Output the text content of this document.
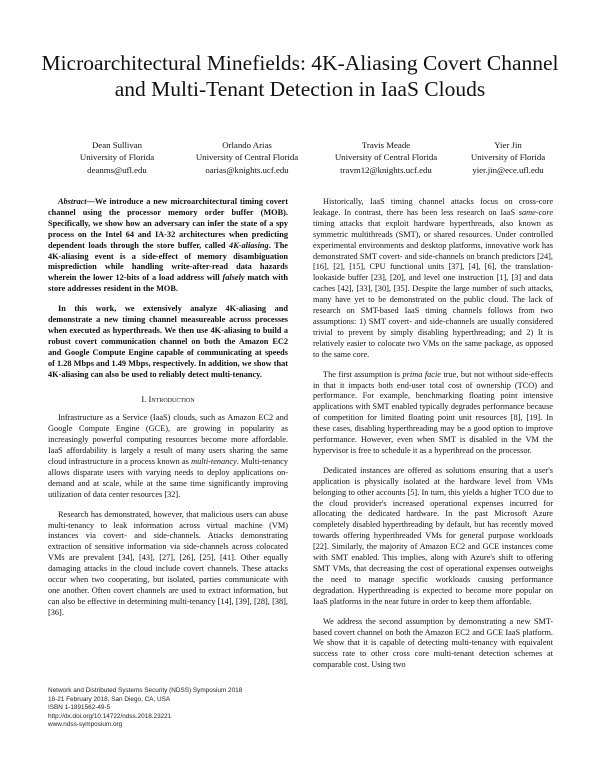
Microarchitectural Minefields: 4K-Aliasing Covert Channel and Multi-Tenant Detection in IaaS Clouds
Dean Sullivan
University of Florida
deanms@ufl.edu
Orlando Arias
University of Central Florida
oarias@knights.ucf.edu
Travis Meade
University of Central Florida
travm12@knights.ucf.edu
Yier Jin
University of Florida
yier.jin@ece.ufl.edu

Abstract—We introduce a new microarchitectural timing covert channel using the processor memory order buffer (MOB). Specifically, we show how an adversary can infer the state of a spy process on the Intel 64 and IA-32 architectures when predicting dependent loads through the store buffer, called 4K-aliasing. The 4K-aliasing event is a side-effect of memory disambiguation misprediction while handling write-after-read data hazards wherein the lower 12-bits of a load address will falsely match with store addresses resident in the MOB.

In this work, we extensively analyze 4K-aliasing and demonstrate a new timing channel measureable across processes when executed as hyperthreads. We then use 4K-aliasing to build a robust covert communication channel on both the Amazon EC2 and Google Compute Engine capable of communicating at speeds of 1.28 Mbps and 1.49 Mbps, respectively. In addition, we show that 4K-aliasing can also be used to reliably detect multi-tenancy.

I. Introduction

Infrastructure as a Service (IaaS) clouds, such as Amazon EC2 and Google Compute Engine (GCE), are growing in popularity as increasingly powerful computing resources become more affordable. IaaS affordability is largely a result of many users sharing the same cloud infrastructure in a process known as multi-tenancy. Multi-tenancy allows disparate users with varying needs to deploy applications on-demand and at scale, while at the same time significantly improving utilization of data center resources [32].

Research has demonstrated, however, that malicious users can abuse multi-tenancy to leak information across virtual machine (VM) instances via covert- and side-channels. Attacks demonstrating extraction of sensitive information via side-channels across colocated VMs are prevalent [34], [43], [27], [26], [25], [41]. Other equally damaging attacks in the cloud include covert channels. These attacks occur when two cooperating, but isolated, parties communicate with one another. Often covert channels are used to extract information, but can also be effective in determining multi-tenancy [14], [39], [28], [38], [36].

Network and Distributed Systems Security (NDSS) Symposium 2018
18-21 February 2018, San Diego, CA, USA
ISBN 1-1891562-49-5
http://dx.doi.org/10.14722/ndss.2018.23221
www.ndss-symposium.org

Historically, IaaS timing channel attacks focus on cross-core leakage. In contrast, there has been less research on IaaS same-core timing attacks that exploit hardware hyperthreads, also known as symmetric multithreads (SMT), or shared resources. Under controlled experimental environments and desktop platforms, innovative work has demonstrated SMT covert- and side-channels on branch predictors [24], [16], [2], [15], CPU functional units [37], [4], [6], the translation-lookaside buffer [23], [20], and level one instruction [1], [3] and data caches [42], [33], [30], [35]. Despite the large number of such attacks, many have yet to be demonstrated on the public cloud. The lack of research on SMT-based IaaS timing channels follows from two assumptions: 1) SMT covert- and side-channels are usually considered trivial to prevent by simply disabling hyperthreading; and 2) It is relatively easier to colocate two VMs on the same package, as opposed to the same core.

The first assumption is prima facie true, but not without side-effects in that it impacts both end-user total cost of ownership (TCO) and performance. For example, benchmarking floating point intensive applications with SMT enabled typically degrades performance because of competition for limited floating point unit resources [8], [19]. In these cases, disabling hyperthreading may be a good option to improve performance. However, even when SMT is disabled in the VM the hypervisor is free to schedule it as a hyperthread on the processor.

Dedicated instances are offered as solutions ensuring that a user's application is physically isolated at the hardware level from VMs belonging to other accounts [5]. In turn, this yields a higher TCO due to the cloud provider's increased operational expenses incurred for allocating the dedicated hardware. In the past Microsoft Azure completely disabled hyperthreading by default, but has recently moved towards offering hyperthreaded VMs for general purpose workloads [22]. Similarly, the majority of Amazon EC2 and GCE instances come with SMT enabled. This implies, along with Azure's shift to offering SMT VMs, that decreasing the cost of operational expenses outweighs the need to manage specific workloads causing performance degradation. Hyperthreading is expected to become more popular on IaaS platforms in the near future in order to keep them affordable.

We address the second assumption by demonstrating a new SMT-based covert channel on both the Amazon EC2 and GCE IaaS platform. We show that it is capable of detecting multi-tenancy with equivalent success rate to other cross core multi-tenant detection schemes at comparable cost. Using two
